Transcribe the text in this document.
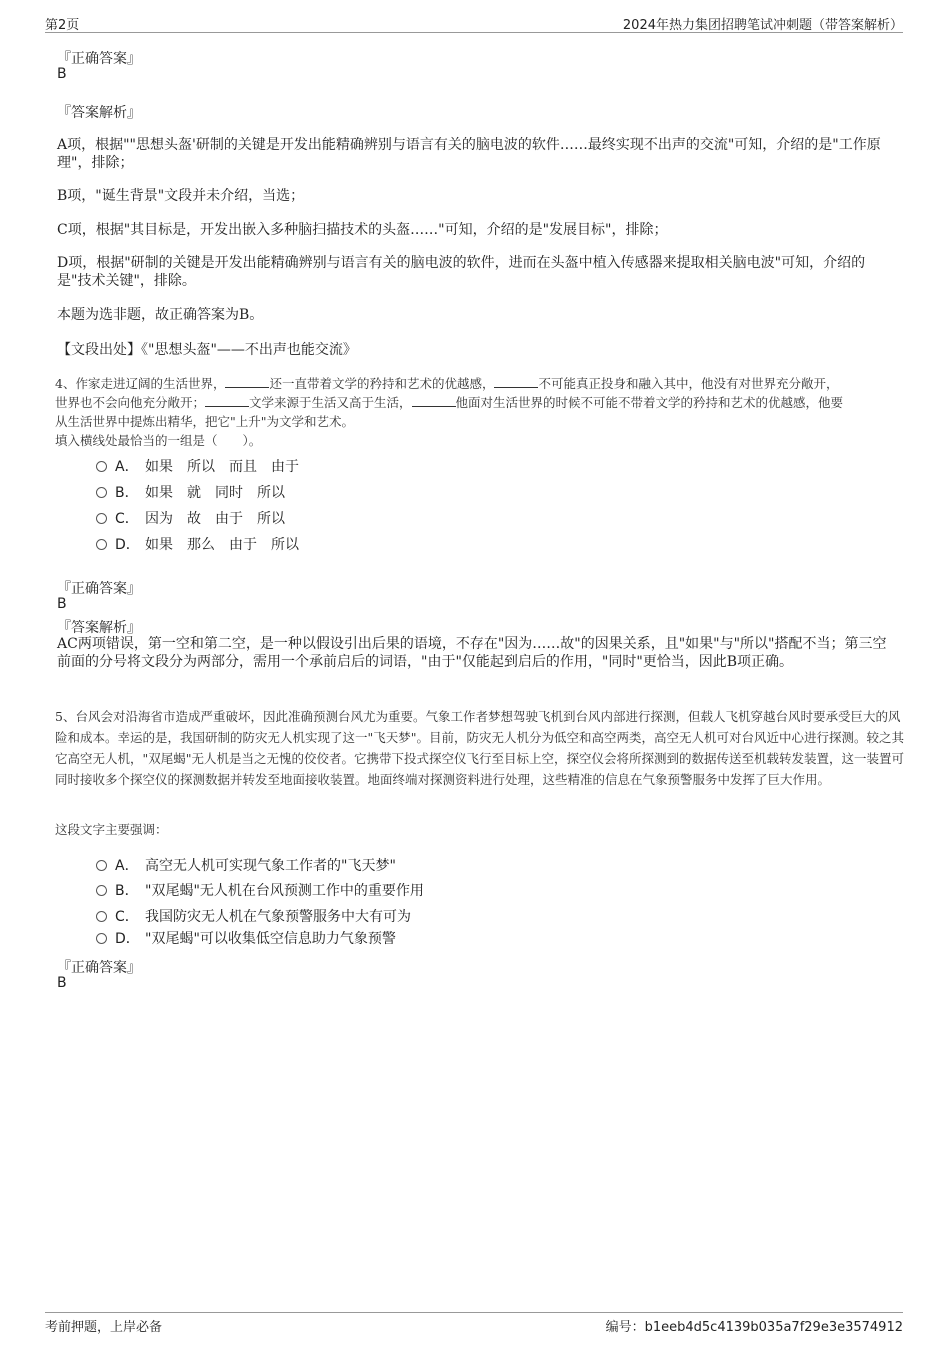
第2页	2024年热力集团招聘笔试冲刺题（带答案解析）
『正确答案』
B
『答案解析』
A项，根据""思想头盔'研制的关键是开发出能精确辨别与语言有关的脑电波的软件……最终实现不出声的交流"可知，介绍的是"工作原理"，排除；
B项，"诞生背景"文段并未介绍，当选；
C项，根据"其目标是，开发出嵌入多种脑扫描技术的头盔……"可知，介绍的是"发展目标"，排除；
D项，根据"研制的关键是开发出能精确辨别与语言有关的脑电波的软件，进而在头盔中植入传感器来提取相关脑电波"可知，介绍的是"技术关键"，排除。
本题为选非题，故正确答案为B。
【文段出处】《"思想头盔"——不出声也能交流》
4、作家走进辽阔的生活世界，	还一直带着文学的矜持和艺术的优越感，	不可能真正投身和融入其中，他没有对世界充分敞开，
世界也不会向他充分敞开；	文学来源于生活又高于生活，	他面对生活世界的时候不可能不带着文学的矜持和艺术的优越感，他要
从生活世界中提炼出精华，把它"上升"为文学和艺术。
填入横线处最恰当的一组是（　　）。
A． 如果　所以　而且　由于
B． 如果　就　同时　所以
C． 因为　故　由于　所以
D． 如果　那么　由于　所以
『正确答案』
B
『答案解析』
AC两项错误，第一空和第二空，是一种以假设引出后果的语境，不存在"因为……故"的因果关系，且"如果"与"所以"搭配不当；第三空前面的分号将文段分为两部分，需用一个承前启后的词语，"由于"仅能起到启后的作用，"同时"更恰当，因此B项正确。
5、台风会对沿海省市造成严重破坏，因此准确预测台风尤为重要。气象工作者梦想驾驶飞机到台风内部进行探测，但载人飞机穿越台风时要承受巨大的风险和成本。幸运的是，我国研制的防灾无人机实现了这一"飞天梦"。目前，防灾无人机分为低空和高空两类，高空无人机可对台风近中心进行探测。较之其它高空无人机，"双尾蝎"无人机是当之无愧的佼佼者。它携带下投式探空仪飞行至目标上空，探空仪会将所探测到的数据传送至机载转发装置，这一装置可同时接收多个探空仪的探测数据并转发至地面接收装置。地面终端对探测资料进行处理，这些精准的信息在气象预警服务中发挥了巨大作用。
这段文字主要强调：
A． 高空无人机可实现气象工作者的"飞天梦"
B． "双尾蝎"无人机在台风预测工作中的重要作用
C． 我国防灾无人机在气象预警服务中大有可为
D． "双尾蝎"可以收集低空信息助力气象预警
『正确答案』
B
考前押题，上岸必备	编号：b1eeb4d5c4139b035a7f29e3e3574912
